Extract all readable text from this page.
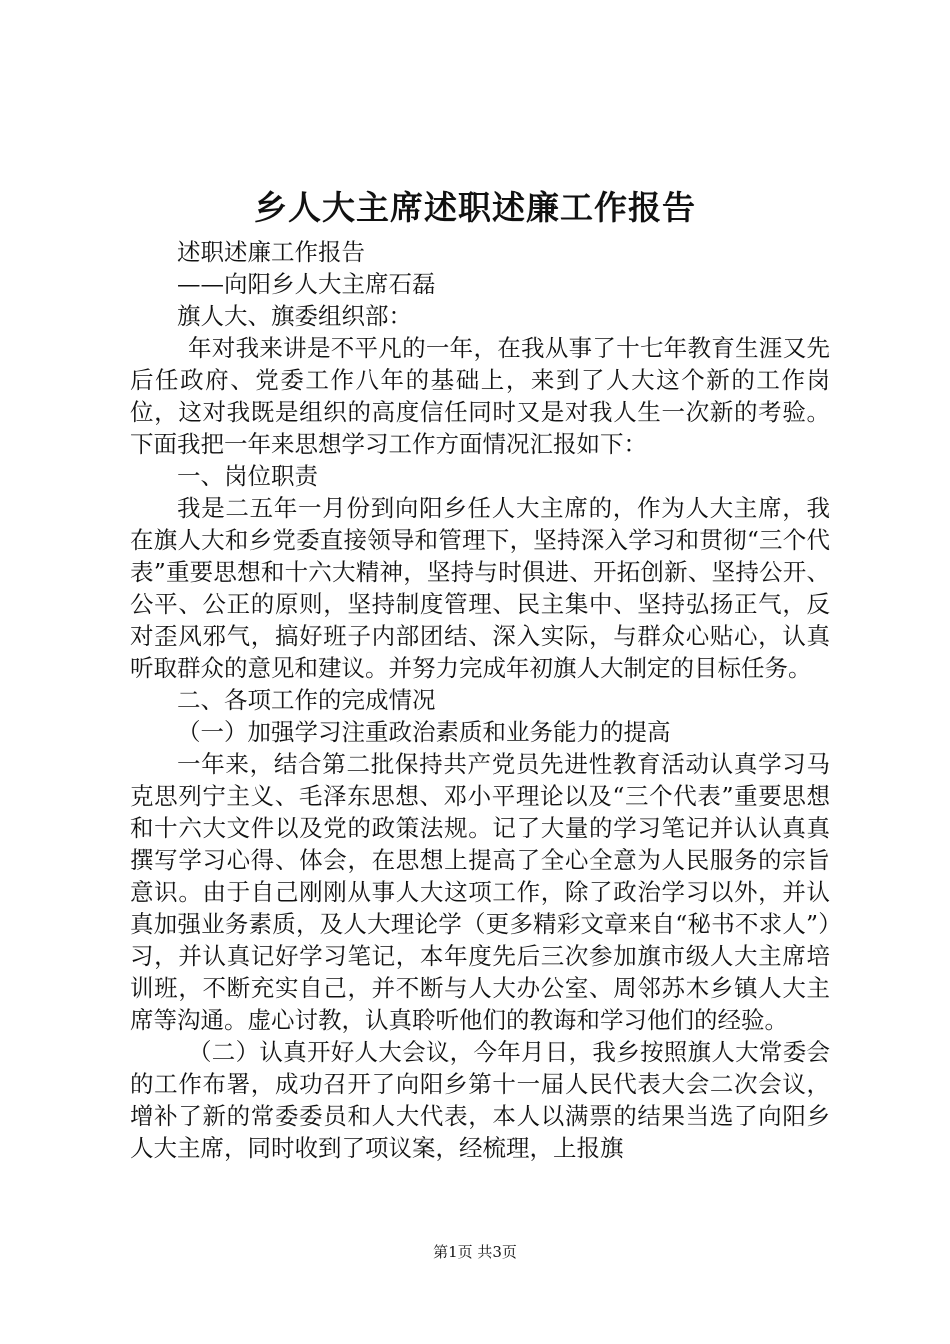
乡人大主席述职述廉工作报告

述职述廉工作报告

——向阳乡人大主席石磊

旗人大、旗委组织部：

年对我来讲是不平凡的一年，在我从事了十七年教育生涯又先后任政府、党委工作八年的基础上，来到了人大这个新的工作岗位，这对我既是组织的高度信任同时又是对我人生一次新的考验。下面我把一年来思想学习工作方面情况汇报如下：

一、岗位职责

我是二五年一月份到向阳乡任人大主席的，作为人大主席，我在旗人大和乡党委直接领导和管理下，坚持深入学习和贯彻“三个代表”重要思想和十六大精神，坚持与时俱进、开拓创新、坚持公开、公平、公正的原则，坚持制度管理、民主集中、坚持弘扬正气，反对歪风邪气，搞好班子内部团结、深入实际，与群众心贴心，认真听取群众的意见和建议。并努力完成年初旗人大制定的目标任务。

二、各项工作的完成情况

（一）加强学习注重政治素质和业务能力的提高

一年来，结合第二批保持共产党员先进性教育活动认真学习马克思列宁主义、毛泽东思想、邓小平理论以及“三个代表”重要思想和十六大文件以及党的政策法规。记了大量的学习笔记并认认真真撰写学习心得、体会，在思想上提高了全心全意为人民服务的宗旨意识。由于自己刚刚从事人大这项工作，除了政治学习以外，并认真加强业务素质，及人大理论学（更多精彩文章来自“秘书不求人”）习，并认真记好学习笔记，本年度先后三次参加旗市级人大主席培训班，不断充实自己，并不断与人大办公室、周邻苏木乡镇人大主席等沟通。虚心讨教，认真聆听他们的教诲和学习他们的经验。

（二）认真开好人大会议，今年月日，我乡按照旗人大常委会的工作布署，成功召开了向阳乡第十一届人民代表大会二次会议，增补了新的常委委员和人大代表，本人以满票的结果当选了向阳乡人大主席，同时收到了项议案，经梳理，上报旗

第1页 共3页
